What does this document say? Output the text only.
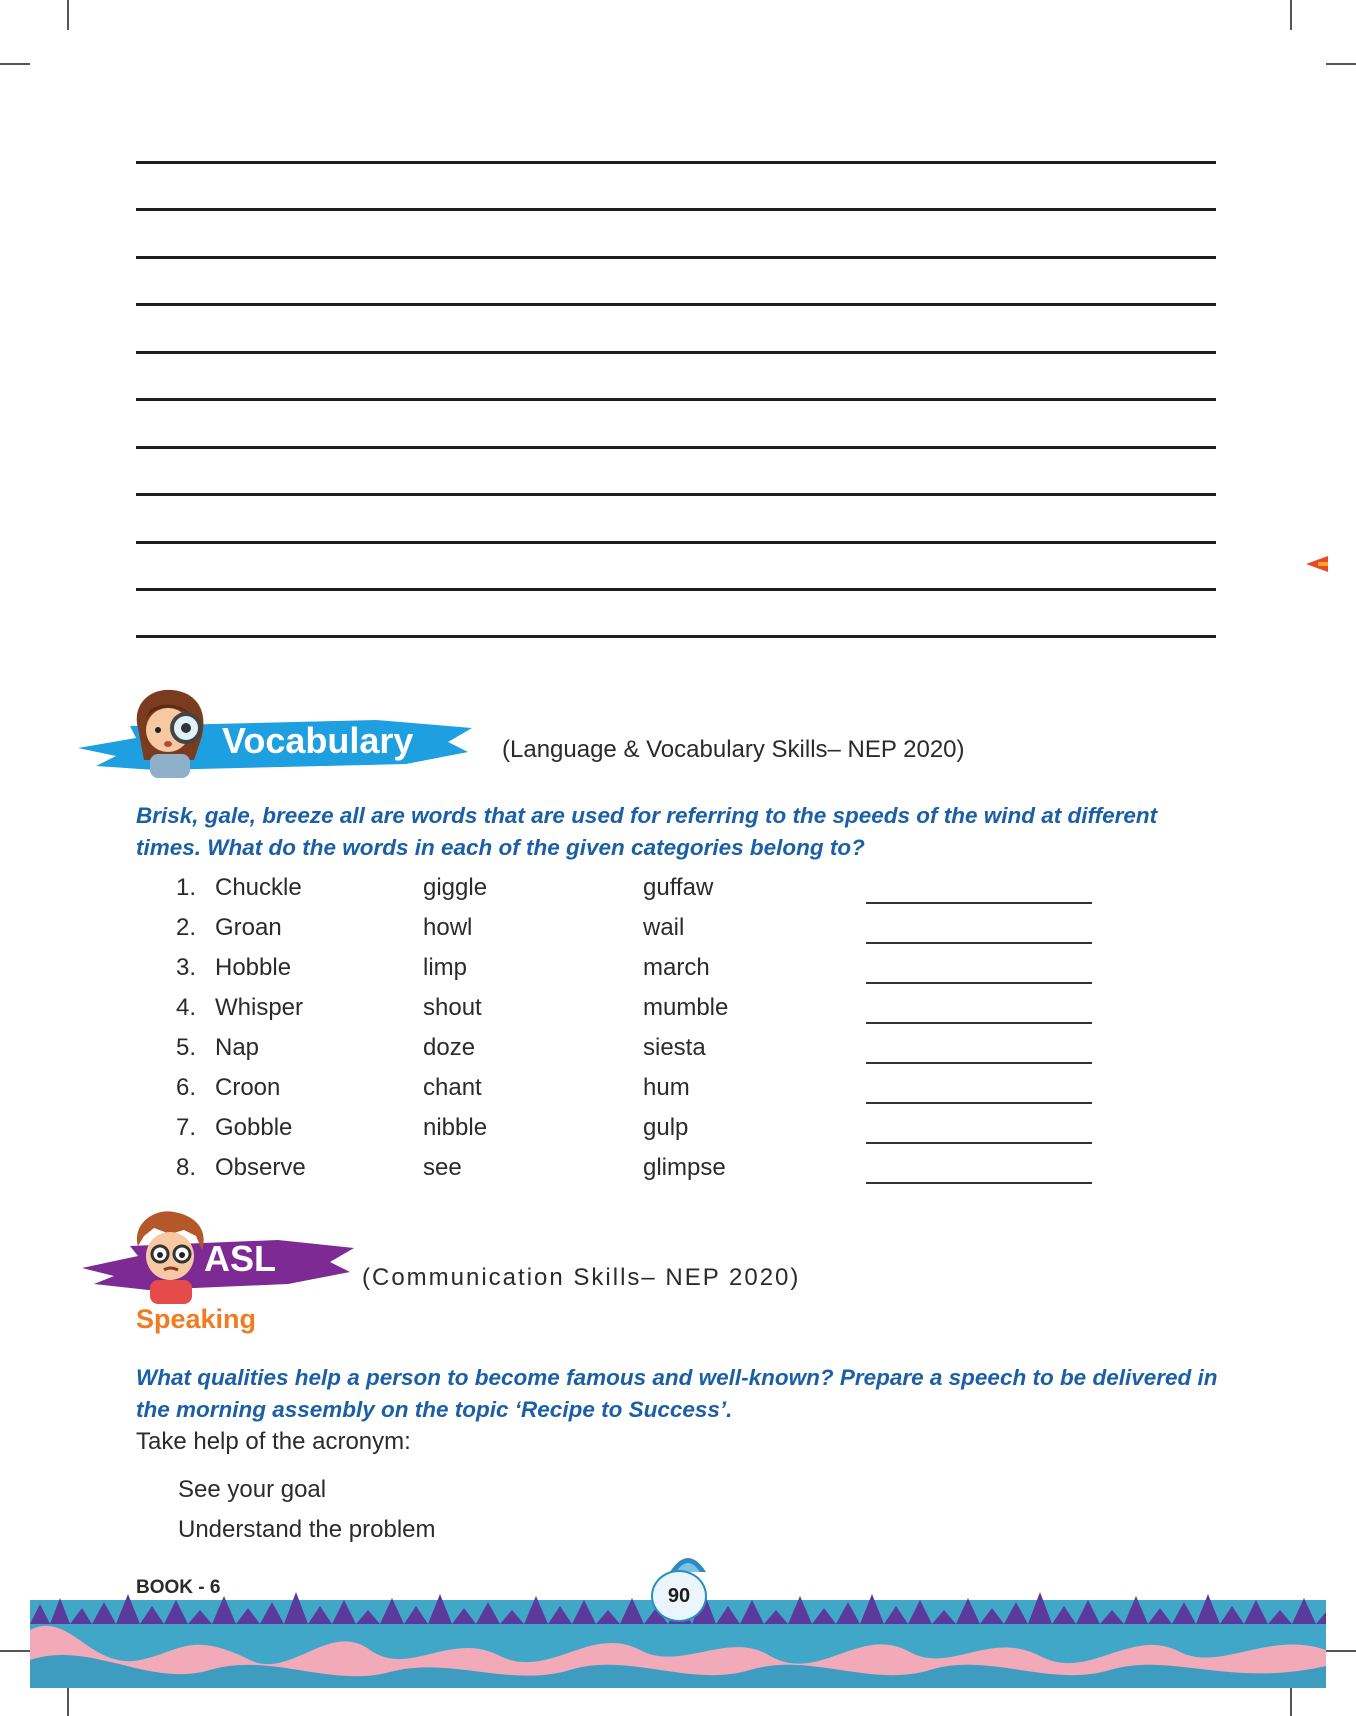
Vocabulary	(Language & Vocabulary Skills– NEP 2020)

Brisk, gale, breeze all are words that are used for referring to the speeds of the wind at different times. What do the words in each of the given categories belong to?

1. Chuckle	giggle	guffaw
2. Groan	howl	wail
3. Hobble	limp	march
4. Whisper	shout	mumble
5. Nap	doze	siesta
6. Croon	chant	hum
7. Gobble	nibble	gulp
8. Observe	see	glimpse
ASL	(Communication Skills– NEP 2020)
Speaking

What qualities help a person to become famous and well-known? Prepare a speech to be delivered in the morning assembly on the topic ‘Recipe to Success’.

Take help of the acronym:
See your goal
Understand the problem
BOOK - 6	90
